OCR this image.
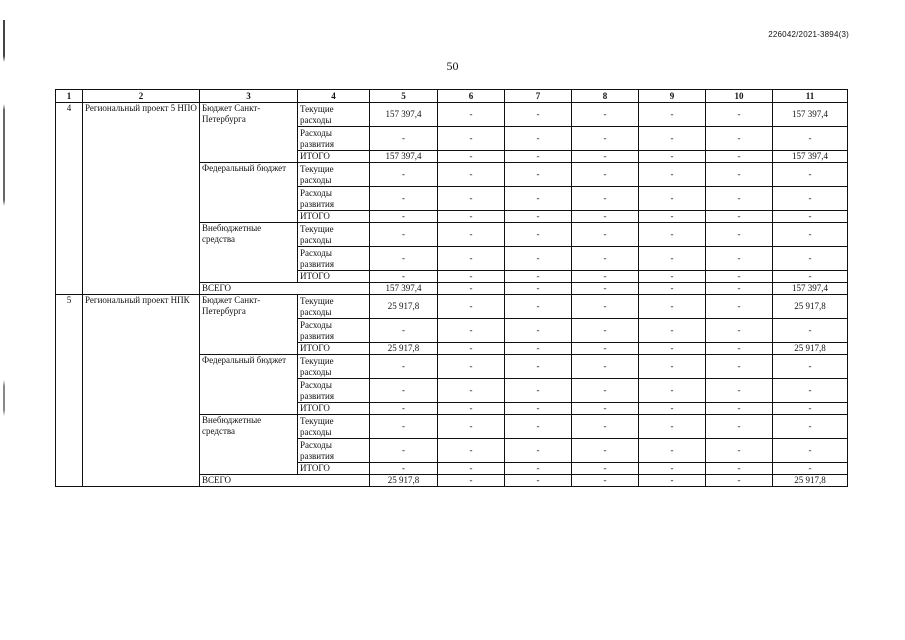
226042/2021-3894(3)
50
1	2	3	4	5	6	7	8	9	10	11
4	Региональный проект 5 НПО	Бюджет Санкт-Петербурга	Текущие расходы	157 397,4	-	-	-	-	-	157 397,4
			Расходы развития	-	-	-	-	-	-	-
			ИТОГО	157 397,4	-	-	-	-	-	157 397,4
		Федеральный бюджет	Текущие расходы	-	-	-	-	-	-	-
			Расходы развития	-	-	-	-	-	-	-
			ИТОГО	-	-	-	-	-	-	-
		Внебюджетные средства	Текущие расходы	-	-	-	-	-	-	-
			Расходы развития	-	-	-	-	-	-	-
			ИТОГО	-	-	-	-	-	-	-
		ВСЕГО		157 397,4	-	-	-	-	-	157 397,4
5	Региональный проект НПК	Бюджет Санкт-Петербурга	Текущие расходы	25 917,8	-	-	-	-	-	25 917,8
			Расходы развития	-	-	-	-	-	-	-
			ИТОГО	25 917,8	-	-	-	-	-	25 917,8
		Федеральный бюджет	Текущие расходы	-	-	-	-	-	-	-
			Расходы развития	-	-	-	-	-	-	-
			ИТОГО	-	-	-	-	-	-	-
		Внебюджетные средства	Текущие расходы	-	-	-	-	-	-	-
			Расходы развития	-	-	-	-	-	-	-
			ИТОГО	-	-	-	-	-	-	-
		ВСЕГО		25 917,8	-	-	-	-	-	25 917,8
